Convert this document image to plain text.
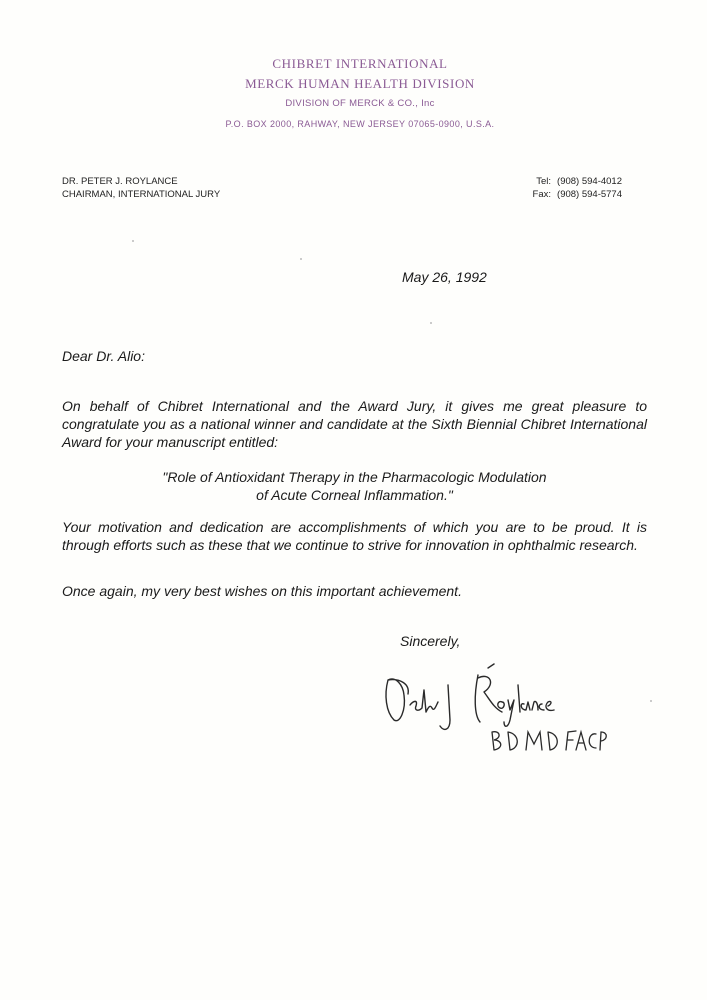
CHIBRET INTERNATIONAL
MERCK HUMAN HEALTH DIVISION
DIVISION OF MERCK & CO., Inc
P.O. BOX 2000, RAHWAY, NEW JERSEY 07065-0900, U.S.A.
DR. PETER J. ROYLANCE
CHAIRMAN, INTERNATIONAL JURY
Tel: (908) 594-4012
Fax: (908) 594-5774
May 26, 1992
Dear Dr. Alio:
On behalf of Chibret International and the Award Jury, it gives me great pleasure to congratulate you as a national winner and candidate at the Sixth Biennial Chibret International Award for your manuscript entitled:
"Role of Antioxidant Therapy in the Pharmacologic Modulation
of Acute Corneal Inflammation."
Your motivation and dedication are accomplishments of which you are to be proud. It is through efforts such as these that we continue to strive for innovation in ophthalmic research.
Once again, my very best wishes on this important achievement.
Sincerely,
Peter J Roylance
